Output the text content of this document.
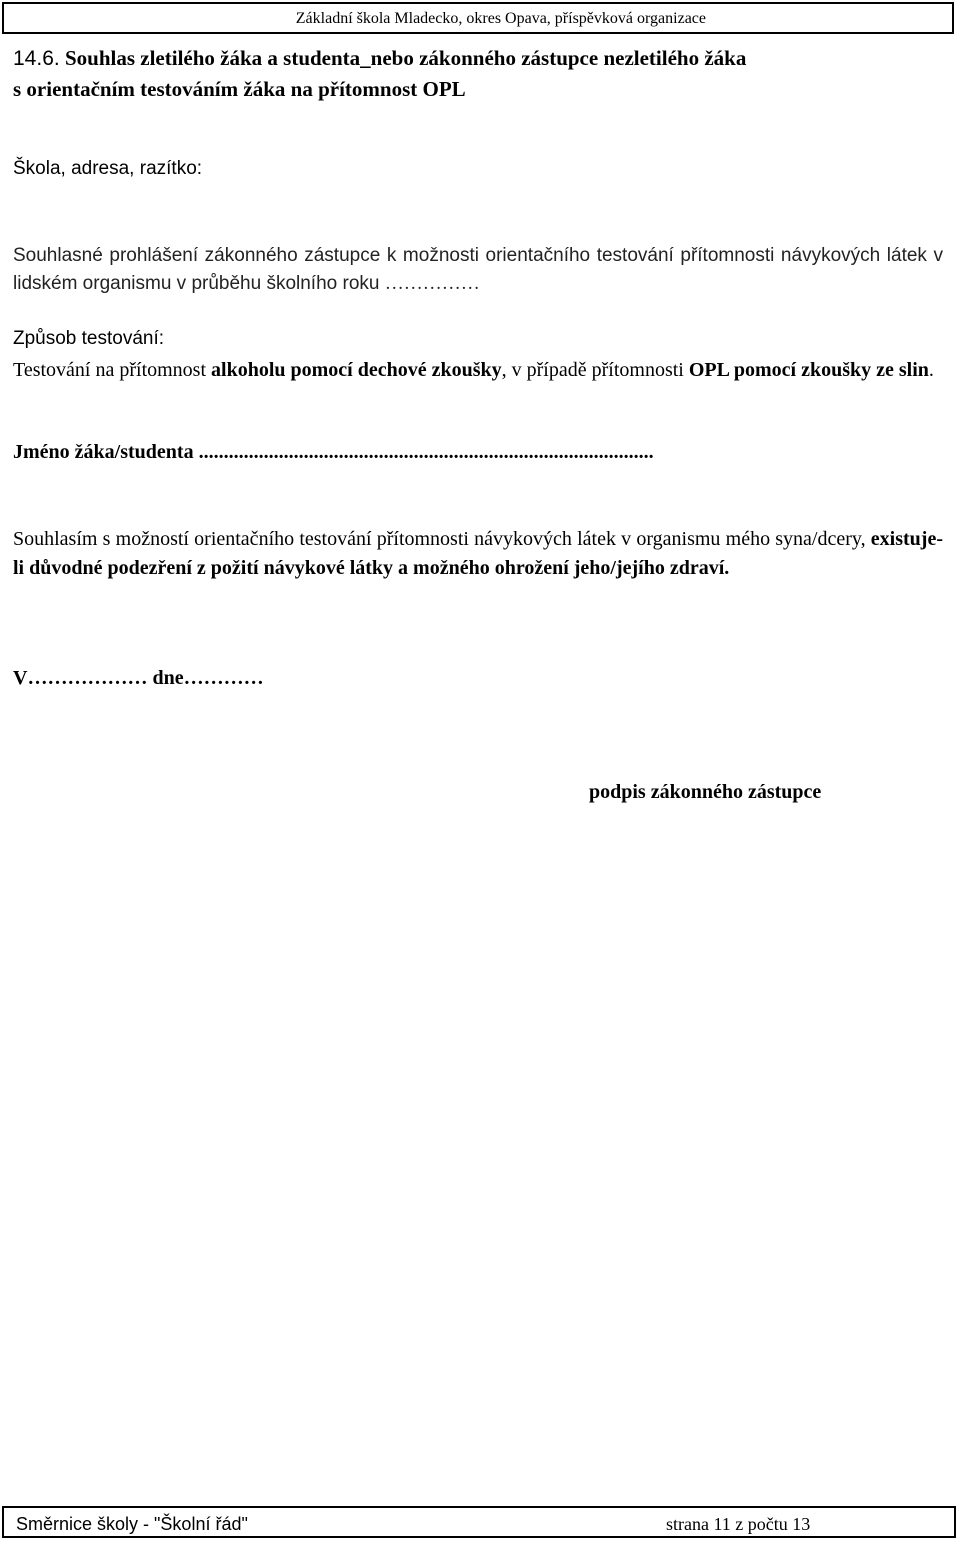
Základní škola Mladecko, okres Opava, příspěvková organizace
14.6. Souhlas zletilého žáka a studenta_nebo zákonného zástupce nezletilého žáka
s orientačním testováním žáka na přítomnost OPL
Škola, adresa, razítko:
Souhlasné prohlášení zákonného zástupce k možnosti orientačního testování přítomnosti návykových látek v lidském organismu v průběhu školního roku ……………
Způsob testování:
Testování na přítomnost alkoholu pomocí dechové zkoušky, v případě přítomnosti OPL pomocí zkoušky ze slin.
Jméno žáka/studenta ...........................................................................................
Souhlasím s možností orientačního testování přítomnosti návykových látek v organismu mého syna/dcery, existuje-li důvodné podezření z požití návykové látky a možného ohrožení jeho/jejího zdraví.
V……………… dne…………
podpis zákonného zástupce
Směrnice školy - "Školní řád"	strana 11 z počtu 13
